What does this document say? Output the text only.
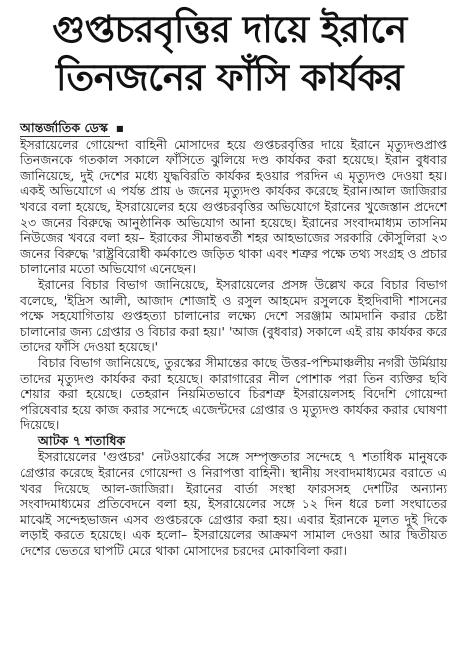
গুপ্তচরবৃত্তির দায়ে ইরানে
তিনজনের ফাঁসি কার্যকর
আন্তর্জাতিক ডেস্ক ■

ইসরায়েলের গোয়েন্দা বাহিনী মোসাদের হয়ে গুপ্তচরবৃত্তির দায়ে ইরানে মৃত্যুদণ্ডপ্রাপ্ত তিনজনকে গতকাল সকালে ফাঁসিতে ঝুলিয়ে দণ্ড কার্যকর করা হয়েছে। ইরান বুধবার জানিয়েছে, দুই দেশের মধ্যে যুদ্ধবিরতি কার্যকর হওয়ার পরদিন এ মৃত্যুদণ্ড দেওয়া হয়। একই অভিযোগে এ পর্যন্ত প্রায় ৬ জনের মৃত্যুদণ্ড কার্যকর করেছে ইরান।আল জাজিরার খবরে বলা হয়েছে, ইসরায়েলের হয়ে গুপ্তচরবৃত্তির অভিযোগে ইরানের খুজেস্তান প্রদেশে ২৩ জনের বিরুদ্ধে আনুষ্ঠানিক অভিযোগ আনা হয়েছে। ইরানের সংবাদমাধ্যম তাসনিম নিউজের খবরে বলা হয়– ইরাকের সীমান্তবর্তী শহর আহভাজের সরকারি কৌসুলিরা ২৩ জনের বিরুদ্ধে 'রাষ্ট্রবিরোধী কর্মকাণ্ডে জড়িত থাকা এবং শত্রুর পক্ষে তথ্য সংগ্রহ ও প্রচার চালানোর মতো অভিযোগ এনেছেন।

ইরানের বিচার বিভাগ জানিয়েছে, ইসরায়েলের প্রসঙ্গ উল্লেখ করে বিচার বিভাগ বলেছে, 'ইদ্রিস আলী, আজাদ শোজাই ও রসুল আহমেদ রসুলকে ইহুদিবাদী শাসনের পক্ষে সহযোগিতায় গুপ্তহত্যা চালানোর লক্ষ্যে দেশে সরঞ্জাম আমদানি করার চেষ্টা চালানোর জন্য গ্রেপ্তার ও বিচার করা হয়।' 'আজ (বুধবার) সকালে এই রায় কার্যকর করে তাদের ফাঁসি দেওয়া হয়েছে।'

বিচার বিভাগ জানিয়েছে, তুরস্কের সীমান্তের কাছে উত্তর-পশ্চিমাঞ্চলীয় নগরী উর্মিয়ায় তাদের মৃত্যুদণ্ড কার্যকর করা হয়েছে। কারাগারের নীল পোশাক পরা তিন ব্যক্তির ছবি শেয়ার করা হয়েছে। তেহরান নিয়মিতভাবে চিরশত্রু ইসরায়েলসহ বিদেশি গোয়েন্দা পরিষেবার হয়ে কাজ করার সন্দেহে এজেন্টদের গ্রেপ্তার ও মৃত্যুদণ্ড কার্যকর করার ঘোষণা দিয়েছে।

আটক ৭ শতাধিক

ইসরায়েলের 'গুপ্তচর' নেটওয়ার্কের সঙ্গে সম্পৃক্ততার সন্দেহে ৭ শতাধিক মানুষকে গ্রেপ্তার করেছে ইরানের গোয়েন্দা ও নিরাপত্তা বাহিনী। স্থানীয় সংবাদমাধ্যমের বরাতে এ খবর দিয়েছে আল-জাজিরা। ইরানের বার্তা সংস্থা ফারসসহ দেশটির অন্যান্য সংবাদমাধ্যমের প্রতিবেদনে বলা হয়, ইসরায়েলের সঙ্গে ১২ দিন ধরে চলা সংঘাতের মাঝেই সন্দেহভাজন এসব গুপ্তচরকে গ্রেপ্তার করা হয়। এবার ইরানকে মূলত দুই দিকে লড়াই করতে হয়েছে। এক হলো– ইসরায়েলের আক্রমণ সামাল দেওয়া আর দ্বিতীয়ত দেশের ভেতরে ঘাপটি মেরে থাকা মোসাদের চরদের মোকাবিলা করা।
